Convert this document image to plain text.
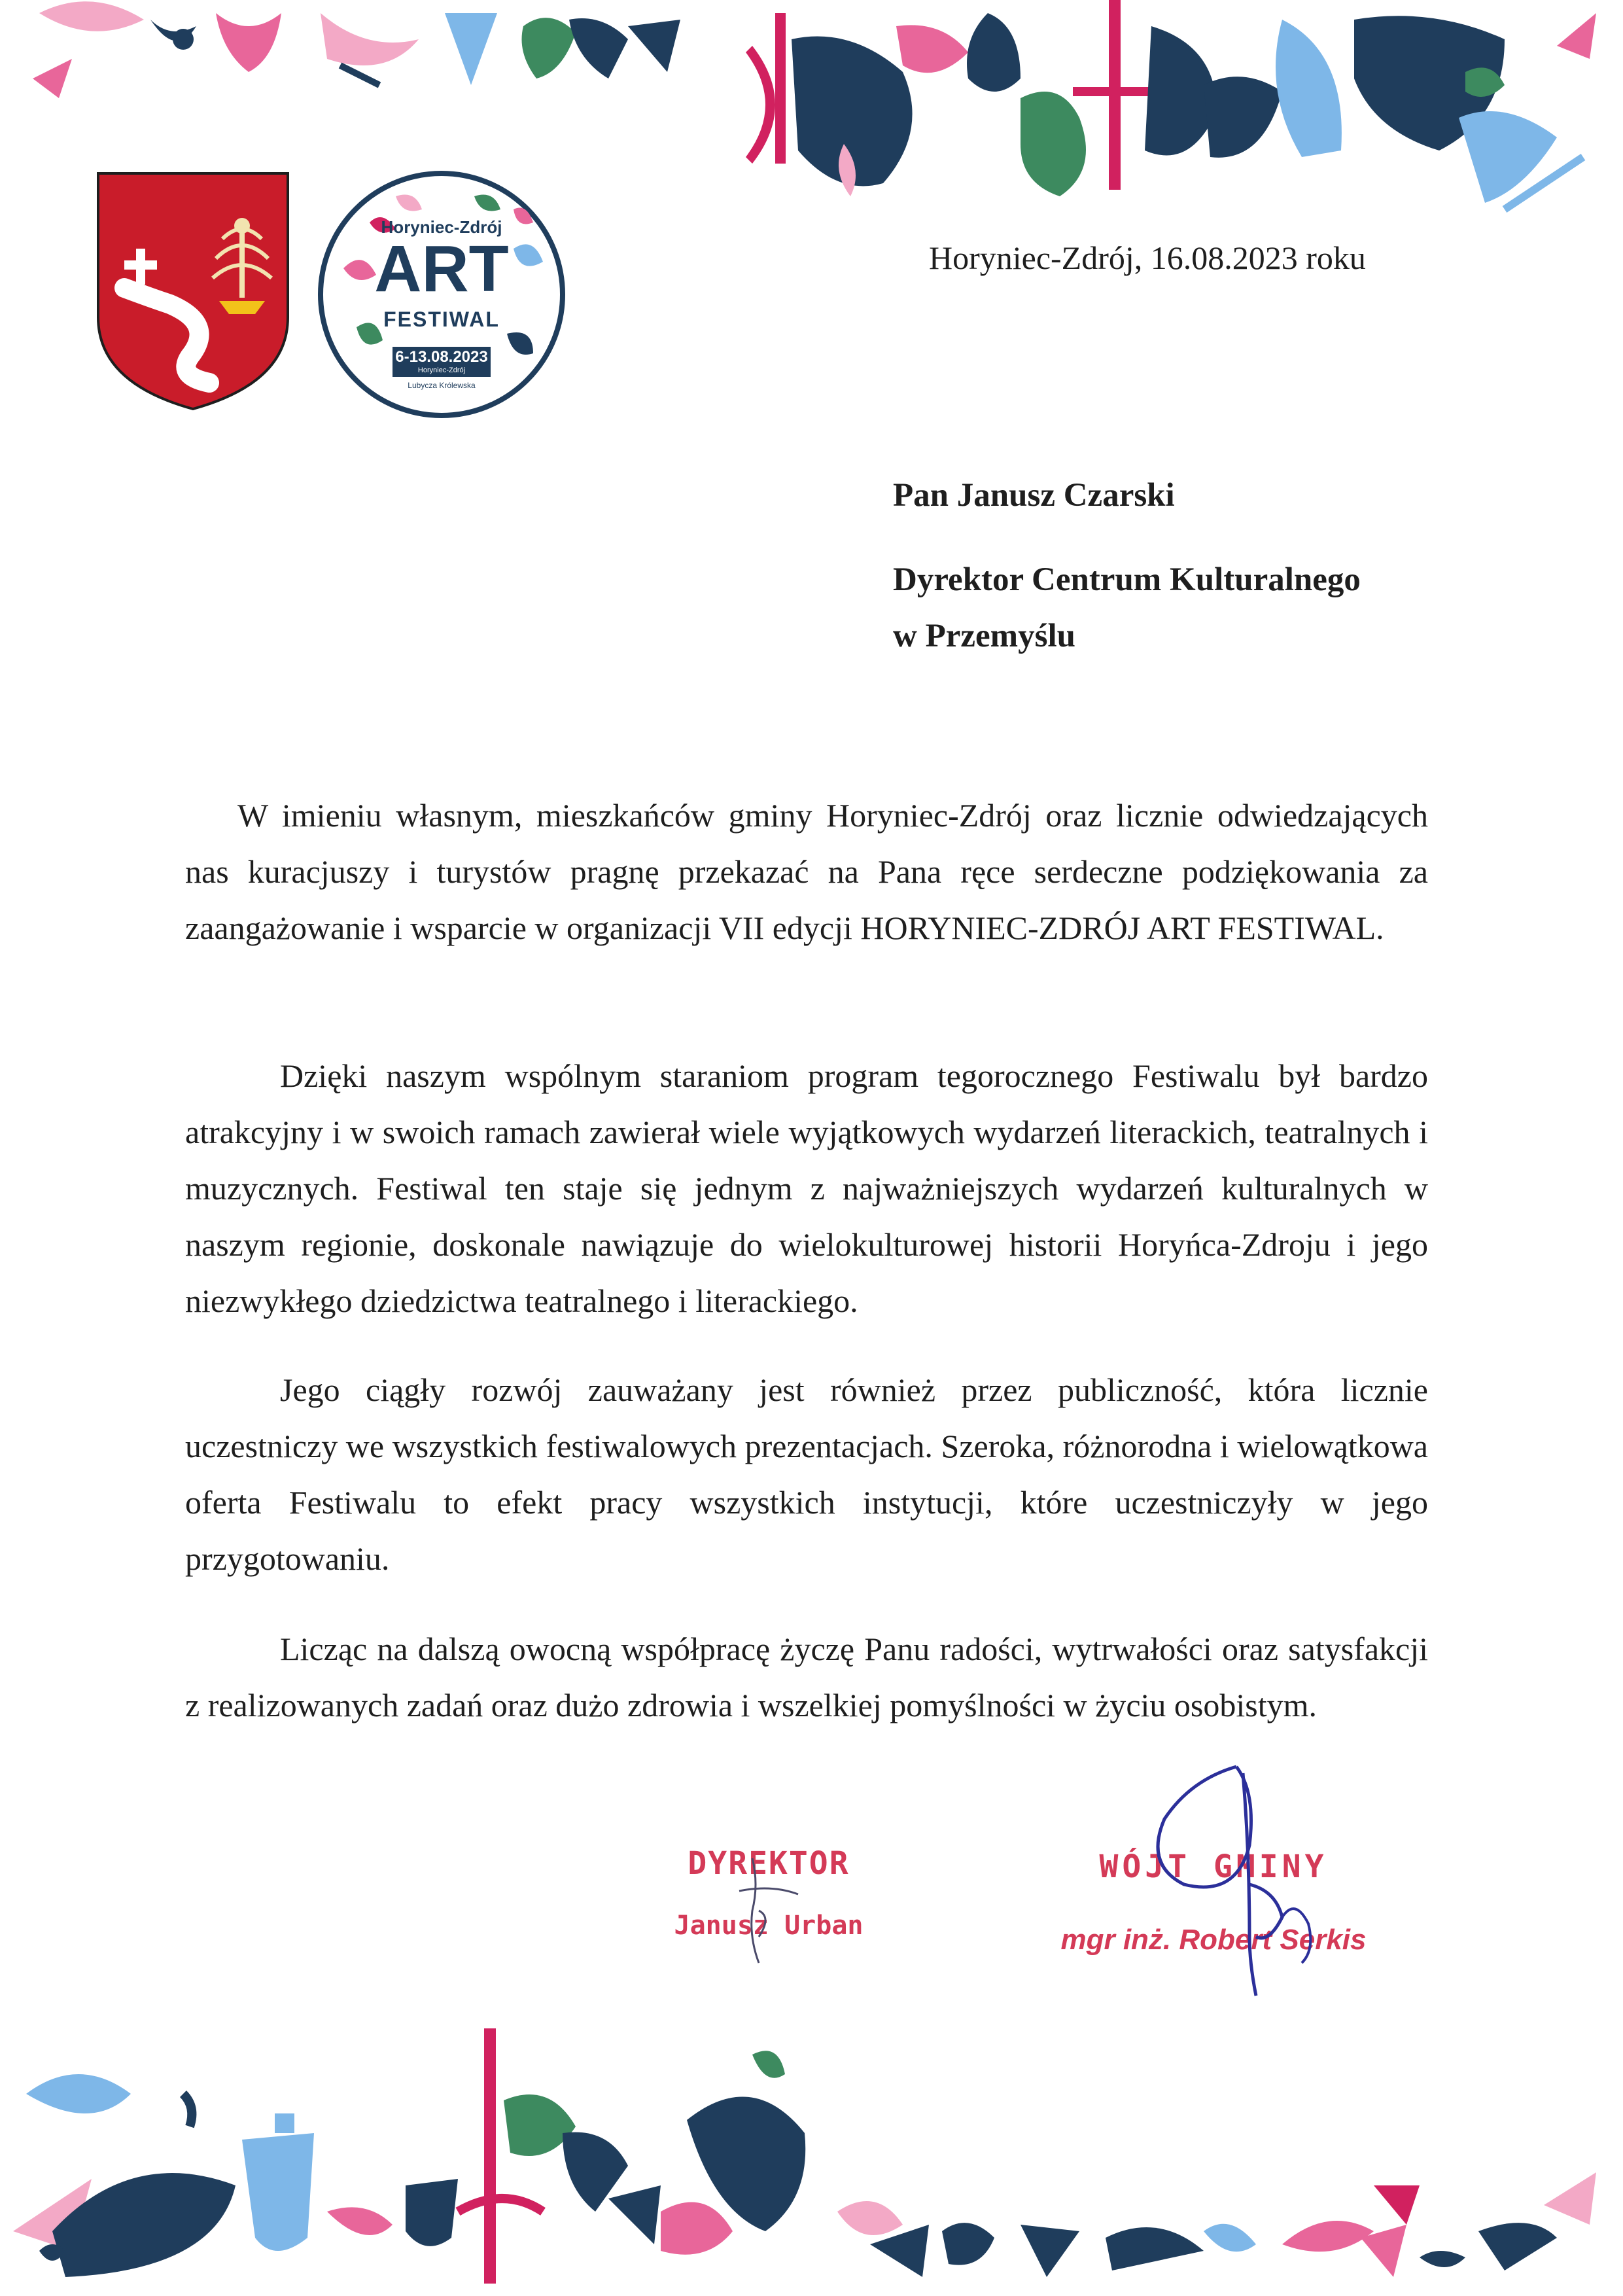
Horyniec-Zdrój
ART
FESTIWAL
6-13.08.2023
Horyniec-Zdrój
Lubycza Królewska
Horyniec-Zdrój, 16.08.2023 roku
Pan Janusz Czarski
Dyrektor Centrum Kulturalnego
w Przemyślu

W imieniu własnym, mieszkańców gminy Horyniec-Zdrój oraz licznie odwiedzających nas kuracjuszy i turystów pragnę przekazać na Pana ręce serdeczne podziękowania za zaangażowanie i wsparcie w organizacji VII edycji HORYNIEC-ZDRÓJ ART FESTIWAL.

Dzięki naszym wspólnym staraniom program tegorocznego Festiwalu był bardzo atrakcyjny i w swoich ramach zawierał wiele wyjątkowych wydarzeń literackich, teatralnych i muzycznych. Festiwal ten staje się jednym z najważniejszych wydarzeń kulturalnych w naszym regionie, doskonale nawiązuje do wielokulturowej historii Horyńca-Zdroju i jego niezwykłego dziedzictwa teatralnego i literackiego.

Jego ciągły rozwój zauważany jest również przez publiczność, która licznie uczestniczy we wszystkich festiwalowych prezentacjach. Szeroka, różnorodna i wielowątkowa oferta Festiwalu to efekt pracy wszystkich instytucji, które uczestniczyły w jego przygotowaniu.

Licząc na dalszą owocną współpracę życzę Panu radości, wytrwałości oraz satysfakcji z realizowanych zadań oraz dużo zdrowia i wszelkiej pomyślności w życiu osobistym.

DYREKTOR
Janusz Urban
WÓJT GMINY
mgr inż. Robert Serkis
